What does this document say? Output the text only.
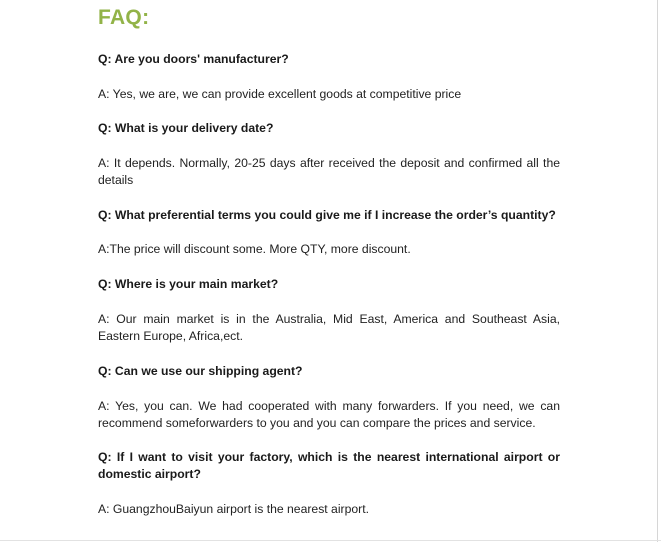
FAQ:

Q: Are you doors' manufacturer?

A: Yes, we are, we can provide excellent goods at competitive price

Q: What is your delivery date?

A: It depends. Normally, 20-25 days after received the deposit and confirmed all the details

Q: What preferential terms you could give me if I increase the order’s quantity?

A:The price will discount some. More QTY, more discount.

Q: Where is your main market?

A: Our main market is in the Australia, Mid East, America and Southeast Asia, Eastern Europe, Africa,ect.

Q: Can we use our shipping agent?

A: Yes, you can. We had cooperated with many forwarders. If you need, we can recommend someforwarders to you and you can compare the prices and service.

Q: If I want to visit your factory, which is the nearest international airport or domestic airport?

A: GuangzhouBaiyun airport is the nearest airport.
